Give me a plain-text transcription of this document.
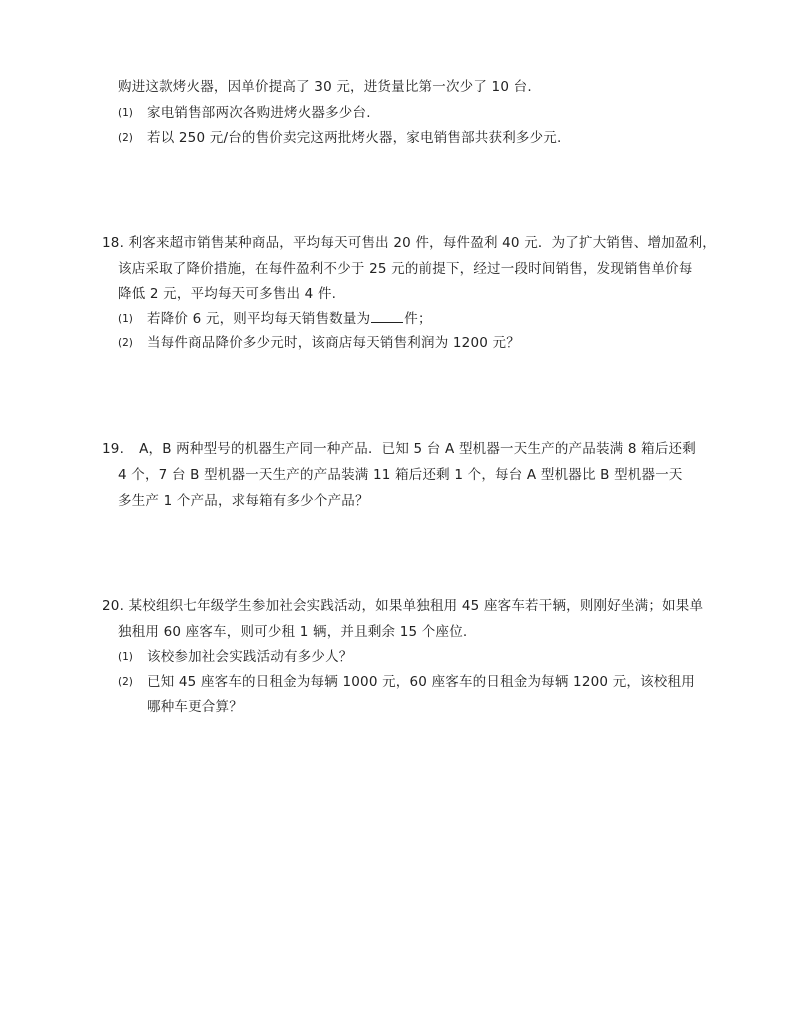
购进这款烤火器，因单价提高了 30 元，进货量比第一次少了 10 台.
(1) 家电销售部两次各购进烤火器多少台.
(2) 若以 250 元/台的售价卖完这两批烤火器，家电销售部共获利多少元.
18. 利客来超市销售某种商品，平均每天可售出 20 件，每件盈利 40 元．为了扩大销售、增加盈利，
该店采取了降价措施，在每件盈利不少于 25 元的前提下，经过一段时间销售，发现销售单价每
降低 2 元，平均每天可多售出 4 件.
(1) 若降价 6 元，则平均每天销售数量为	件；
(2) 当每件商品降价多少元时，该商店每天销售利润为 1200 元？
19. A，B 两种型号的机器生产同一种产品．已知 5 台 A 型机器一天生产的产品装满 8 箱后还剩
4 个，7 台 B 型机器一天生产的产品装满 11 箱后还剩 1 个，每台 A 型机器比 B 型机器一天
多生产 1 个产品，求每箱有多少个产品？
20. 某校组织七年级学生参加社会实践活动，如果单独租用 45 座客车若干辆，则刚好坐满；如果单
独租用 60 座客车，则可少租 1 辆，并且剩余 15 个座位.
(1) 该校参加社会实践活动有多少人？
(2) 已知 45 座客车的日租金为每辆 1000 元，60 座客车的日租金为每辆 1200 元，该校租用
哪种车更合算？
